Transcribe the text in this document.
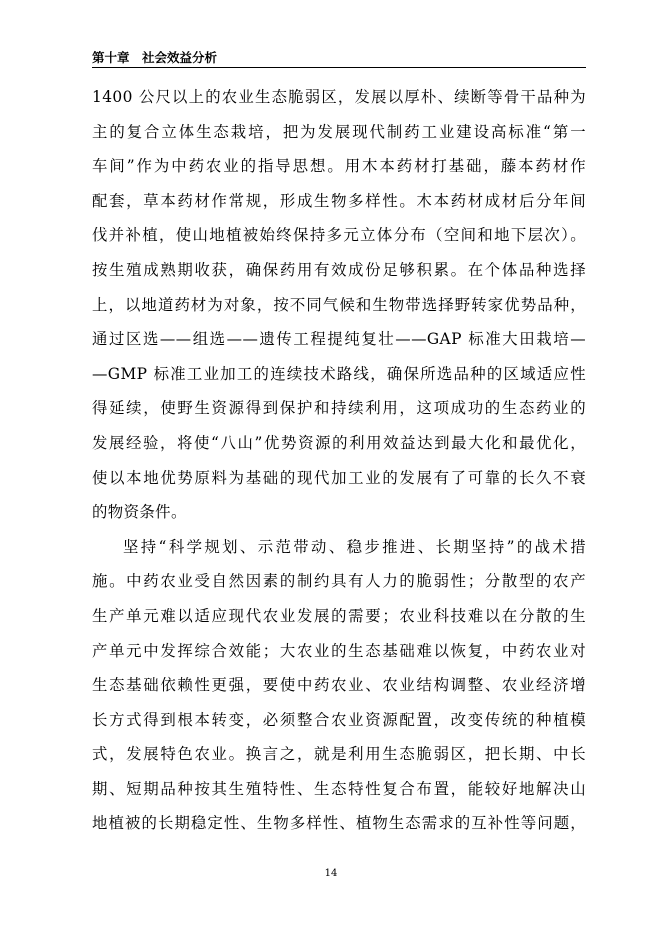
第十章　社会效益分析
1400 公尺以上的农业生态脆弱区，发展以厚朴、续断等骨干品种为
主的复合立体生态栽培，把为发展现代制药工业建设高标准“第一
车间”作为中药农业的指导思想。用木本药材打基础，藤本药材作
配套，草本药材作常规，形成生物多样性。木本药材成材后分年间
伐并补植，使山地植被始终保持多元立体分布（空间和地下层次）。
按生殖成熟期收获，确保药用有效成份足够积累。在个体品种选择
上，以地道药材为对象，按不同气候和生物带选择野转家优势品种，
通过区选——组选——遗传工程提纯复壮——GAP 标准大田栽培—
—GMP 标准工业加工的连续技术路线，确保所选品种的区域适应性
得延续，使野生资源得到保护和持续利用，这项成功的生态药业的
发展经验，将使“八山”优势资源的利用效益达到最大化和最优化，
使以本地优势原料为基础的现代加工业的发展有了可靠的长久不衰
的物资条件。
坚持“科学规划、示范带动、稳步推进、长期坚持”的战术措
施。中药农业受自然因素的制约具有人力的脆弱性；分散型的农产
生产单元难以适应现代农业发展的需要；农业科技难以在分散的生
产单元中发挥综合效能；大农业的生态基础难以恢复，中药农业对
生态基础依赖性更强，要使中药农业、农业结构调整、农业经济增
长方式得到根本转变，必须整合农业资源配置，改变传统的种植模
式，发展特色农业。换言之，就是利用生态脆弱区，把长期、中长
期、短期品种按其生殖特性、生态特性复合布置，能较好地解决山
地植被的长期稳定性、生物多样性、植物生态需求的互补性等问题，
14
